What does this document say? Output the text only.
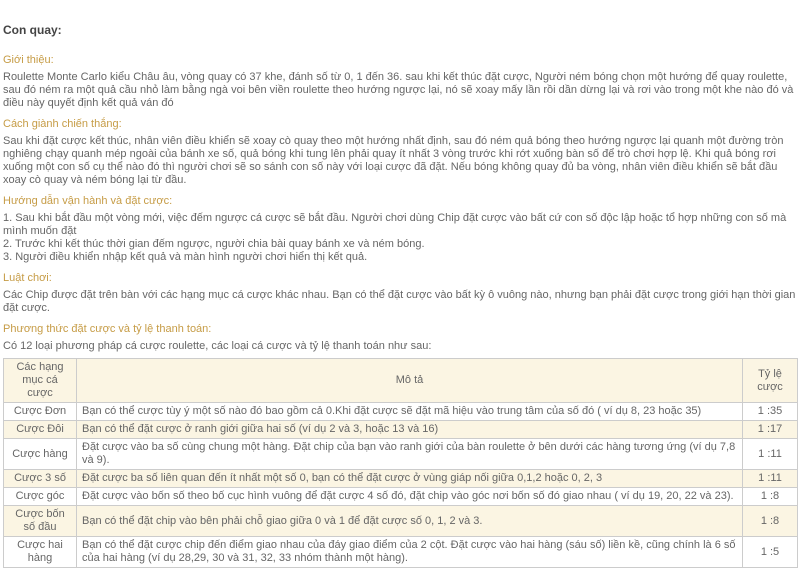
Con quay:
Giới thiệu:

Roulette Monte Carlo kiểu Châu âu, vòng quay có 37 khe, đánh số từ 0, 1 đến 36. sau khi kết thúc đặt cược, Người ném bóng chọn một hướng để quay roulette, sau đó ném ra một quả cầu nhỏ làm bằng ngà voi bên viền roulette theo hướng ngược lại, nó sẽ xoay mấy lần rồi dần dừng lại và rơi vào trong một khe nào đó và điều này quyết định kết quả ván đó

Cách giành chiến thắng:

Sau khi đặt cược kết thúc, nhân viên điều khiển sẽ xoay cò quay theo một hướng nhất định, sau đó ném quả bóng theo hướng ngược lại quanh một đường tròn nghiêng chạy quanh mép ngoài của bánh xe số, quả bóng khi tung lên phải quay ít nhất 3 vòng trước khi rớt xuống bàn số để trò chơi hợp lệ. Khi quả bóng rơi xuống một con số cụ thể nào đó thì người chơi sẽ so sánh con số này với loại cược đã đặt. Nếu bóng không quay đủ ba vòng, nhân viên điều khiển sẽ bắt đầu xoay cò quay và ném bóng lại từ đầu.

Hướng dẫn vận hành và đặt cược:

1. Sau khi bắt đầu một vòng mới, việc đếm ngược cá cược sẽ bắt đầu. Người chơi dùng Chip đặt cược vào bất cứ con số độc lập hoặc tổ hợp những con số mà mình muốn đặt

2. Trước khi kết thúc thời gian đếm ngược, người chia bài quay bánh xe và ném bóng.

3. Người điều khiển nhập kết quả và màn hình người chơi hiển thị kết quả.

Luật chơi:

Các Chip được đặt trên bàn với các hạng mục cá cược khác nhau. Bạn có thể đặt cược vào bất kỳ ô vuông nào, nhưng bạn phải đặt cược trong giới hạn thời gian đặt cược.

Phương thức đặt cược và tỷ lệ thanh toán:

Có 12 loại phương pháp cá cược roulette, các loại cá cược và tỷ lệ thanh toán như sau:

Các hạng mục cá cược	Mô tả	Tỷ lệ cược
Cược Đơn	Bạn có thể cược tùy ý một số nào đó bao gồm cả 0.Khi đặt cược sẽ đặt mã hiệu vào trung tâm của số đó ( ví dụ 8, 23 hoặc 35)	1 :35
Cược Đôi	Bạn có thể đặt cược ở ranh giới giữa hai số (ví dụ 2 và 3, hoặc 13 và 16)	1 :17
Cược hàng	Đặt cược vào ba số cùng chung một hàng. Đặt chip của bạn vào ranh giới của bàn roulette ở bên dưới các hàng tương ứng (ví dụ 7,8 và 9).	1 :11
Cược 3 số	Đặt cược ba số liên quan đến ít nhất một số 0, bạn có thể đặt cược ở vùng giáp nối giữa 0,1,2 hoặc 0, 2, 3	1 :11
Cược góc	Đặt cược vào bốn số theo bố cục hình vuông để đặt cược 4 số đó, đặt chip vào góc nơi bốn số đó giao nhau ( ví dụ 19, 20, 22 và 23).	1 :8
Cược bốn số đầu	Bạn có thể đặt chip vào bên phải chỗ giao giữa 0 và 1 để đặt cược số 0, 1, 2 và 3.	1 :8
Cược hai hàng	Bạn có thể đặt cược chip đến điểm giao nhau của đáy giao điểm của 2 cột. Đặt cược vào hai hàng (sáu số) liền kề, cũng chính là 6 số của hai hàng (ví dụ 28,29, 30 và 31, 32, 33 nhóm thành một hàng).	1 :5
